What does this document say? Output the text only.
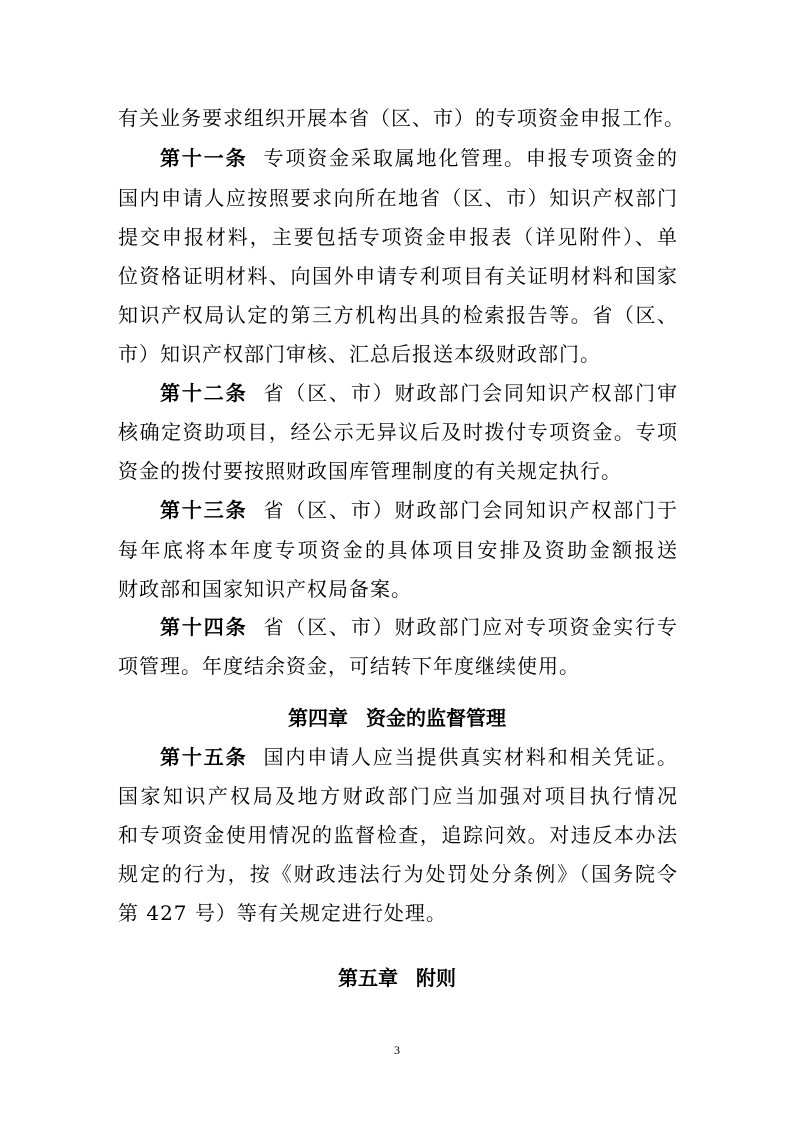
有关业务要求组织开展本省（区、市）的专项资金申报工作。
第十一条 专项资金采取属地化管理。申报专项资金的
国内申请人应按照要求向所在地省（区、市）知识产权部门
提交申报材料，主要包括专项资金申报表（详见附件）、单
位资格证明材料、向国外申请专利项目有关证明材料和国家
知识产权局认定的第三方机构出具的检索报告等。省（区、
市）知识产权部门审核、汇总后报送本级财政部门。
第十二条 省（区、市）财政部门会同知识产权部门审
核确定资助项目，经公示无异议后及时拨付专项资金。专项
资金的拨付要按照财政国库管理制度的有关规定执行。
第十三条 省（区、市）财政部门会同知识产权部门于
每年底将本年度专项资金的具体项目安排及资助金额报送
财政部和国家知识产权局备案。
第十四条 省（区、市）财政部门应对专项资金实行专
项管理。年度结余资金，可结转下年度继续使用。
第四章 资金的监督管理
第十五条 国内申请人应当提供真实材料和相关凭证。
国家知识产权局及地方财政部门应当加强对项目执行情况
和专项资金使用情况的监督检查，追踪问效。对违反本办法
规定的行为，按《财政违法行为处罚处分条例》（国务院令
第 427 号）等有关规定进行处理。
第五章 附则
3
